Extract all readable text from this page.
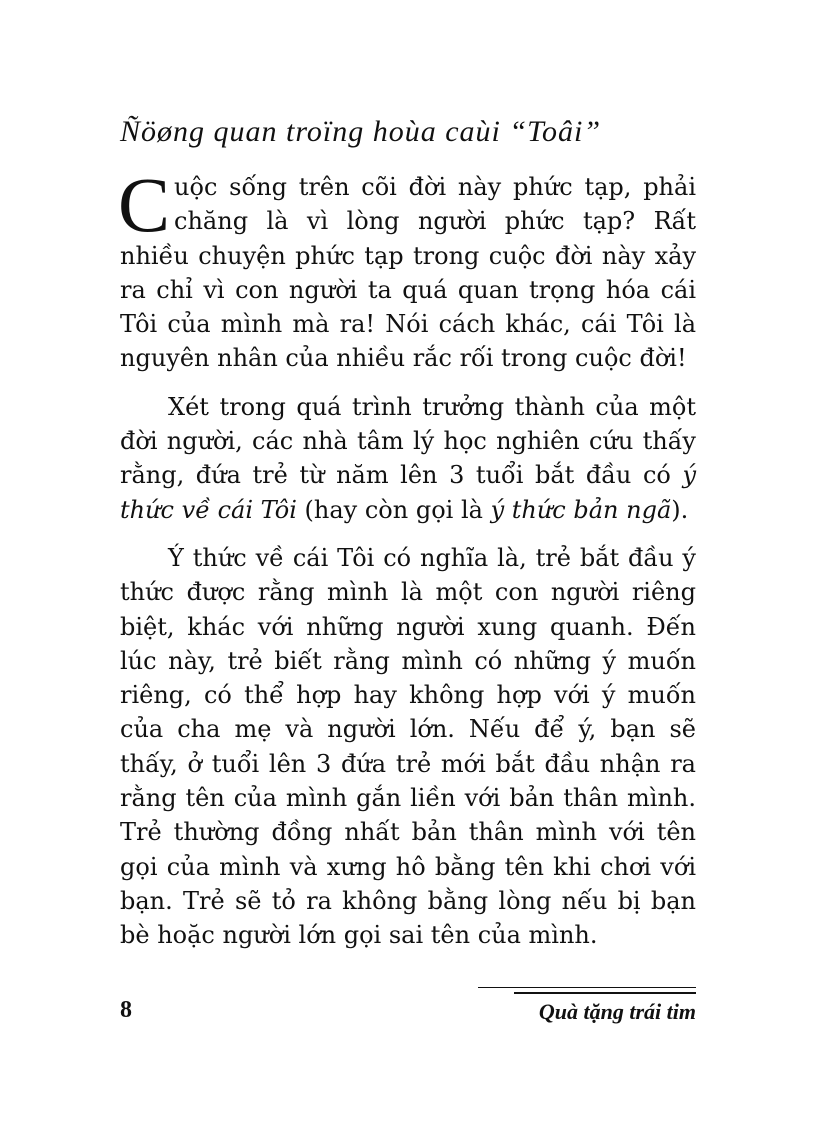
Ñöøng quan troïng hoùa caùi “Toâi”

Cuộc sống trên cõi đời này phức tạp, phải chăng là vì lòng người phức tạp? Rất nhiều chuyện phức tạp trong cuộc đời này xảy ra chỉ vì con người ta quá quan trọng hóa cái Tôi của mình mà ra! Nói cách khác, cái Tôi là nguyên nhân của nhiều rắc rối trong cuộc đời!

Xét trong quá trình trưởng thành của một đời người, các nhà tâm lý học nghiên cứu thấy rằng, đứa trẻ từ năm lên 3 tuổi bắt đầu có ý thức về cái Tôi (hay còn gọi là ý thức bản ngã).

Ý thức về cái Tôi có nghĩa là, trẻ bắt đầu ý thức được rằng mình là một con người riêng biệt, khác với những người xung quanh. Đến lúc này, trẻ biết rằng mình có những ý muốn riêng, có thể hợp hay không hợp với ý muốn của cha mẹ và người lớn. Nếu để ý, bạn sẽ thấy, ở tuổi lên 3 đứa trẻ mới bắt đầu nhận ra rằng tên của mình gắn liền với bản thân mình. Trẻ thường đồng nhất bản thân mình với tên gọi của mình và xưng hô bằng tên khi chơi với bạn. Trẻ sẽ tỏ ra không bằng lòng nếu bị bạn bè hoặc người lớn gọi sai tên của mình.

8	Quà tặng trái tim
